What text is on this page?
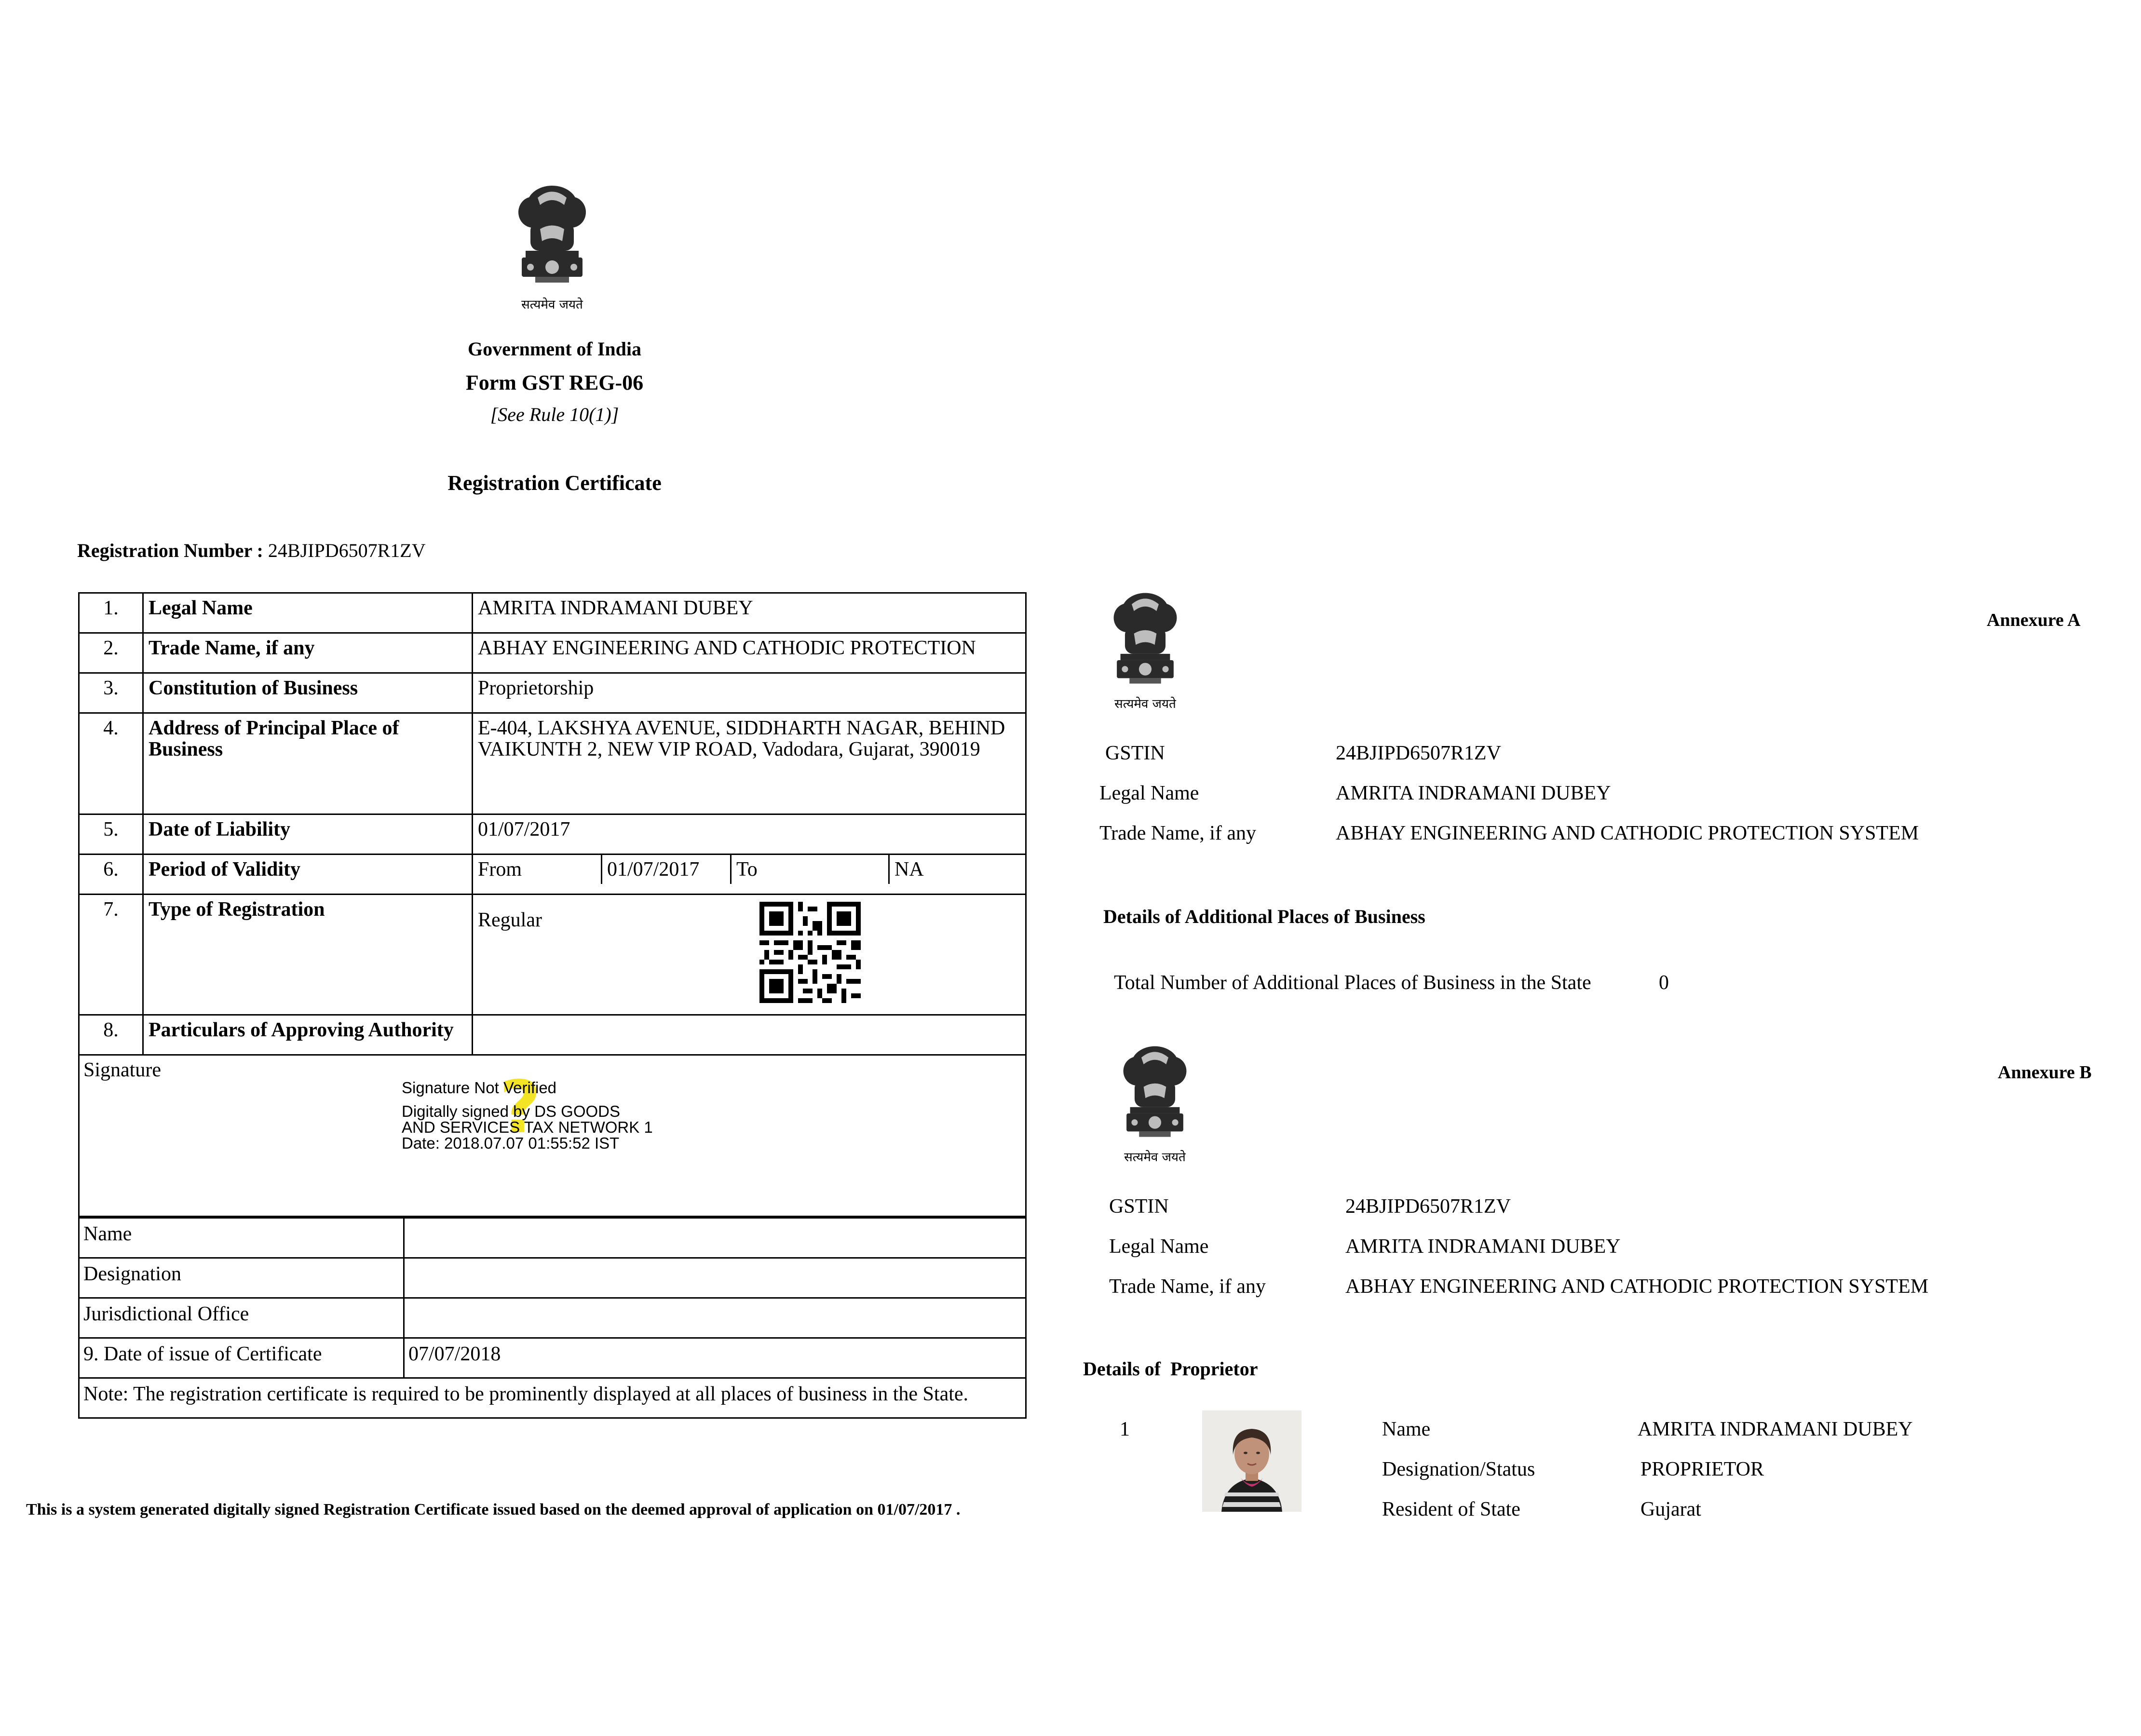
सत्यमेव जयते
Government of India
Form GST REG-06
[See Rule 10(1)]
Registration Certificate
Registration Number : 24BJIPD6507R1ZV
1.	Legal Name	AMRITA INDRAMANI DUBEY
2.	Trade Name, if any	ABHAY ENGINEERING AND CATHODIC PROTECTION
3.	Constitution of Business	Proprietorship
4.	Address of Principal Place of Business	E-404, LAKSHYA AVENUE, SIDDHARTH NAGAR, BEHIND VAIKUNTH 2, NEW VIP ROAD, Vadodara, Gujarat, 390019
5.	Date of Liability	01/07/2017
6.	Period of Validity		From	01/07/2017	To	NA

7.	Type of Registration	Regular

8.	Particulars of Approving Authority	

Signature	?
Signature Not Verified
Digitally signed by DS GOODS
AND SERVICES TAX NETWORK 1
Date: 2018.07.07 01:55:52 IST
Name	
Designation	
Jurisdictional Office	
9. Date of issue of Certificate	07/07/2018
Note: The registration certificate is required to be prominently displayed at all places of business in the State.	
This is a system generated digitally signed Registration Certificate issued based on the deemed approval of application on 01/07/2017 .
सत्यमेव जयते
Annexure A
GSTIN	24BJIPD6507R1ZV
Legal Name	AMRITA INDRAMANI DUBEY
Trade Name, if any	ABHAY ENGINEERING AND CATHODIC PROTECTION SYSTEM
Details of Additional Places of Business
Total Number of Additional Places of Business in the State	0
सत्यमेव जयते
Annexure B
GSTIN	24BJIPD6507R1ZV
Legal Name	AMRITA INDRAMANI DUBEY
Trade Name, if any	ABHAY ENGINEERING AND CATHODIC PROTECTION SYSTEM
Details of  Proprietor
1	Name	AMRITA INDRAMANI DUBEY
Designation/Status	PROPRIETOR
Resident of State	Gujarat
